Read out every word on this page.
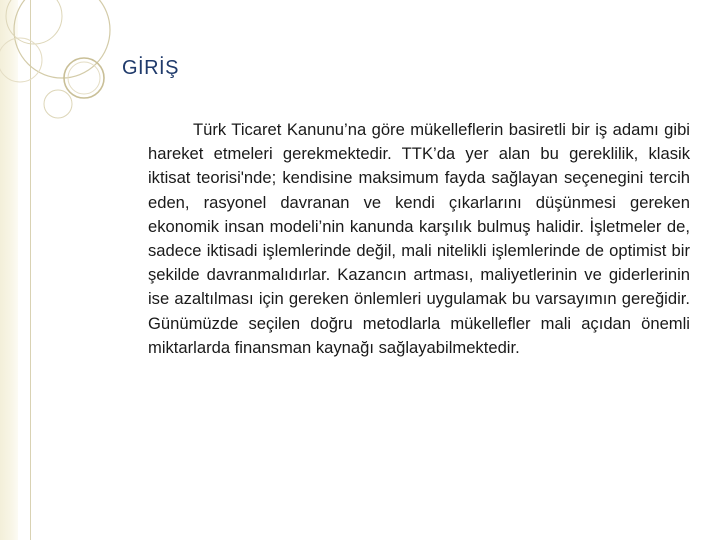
GİRİŞ

Türk Ticaret Kanunu’na göre mükelleflerin basiretli bir iş adamı gibi hareket etmeleri gerekmektedir. TTK’da yer alan bu gereklilik, klasik iktisat teorisi'nde; kendisine maksimum fayda sağlayan seçenegini tercih eden, rasyonel davranan ve kendi çıkarlarını düşünmesi gereken ekonomik insan modeli’nin kanunda karşılık bulmuş halidir. İşletmeler de, sadece iktisadi işlemlerinde değil, mali nitelikli işlemlerinde de optimist bir şekilde davranmalıdırlar. Kazancın artması, maliyetlerinin ve giderlerinin ise azaltılması için gereken önlemleri uygulamak bu varsayımın gereğidir. Günümüzde seçilen doğru metodlarla mükellefler mali açıdan önemli miktarlarda finansman kaynağı sağlayabilmektedir.
